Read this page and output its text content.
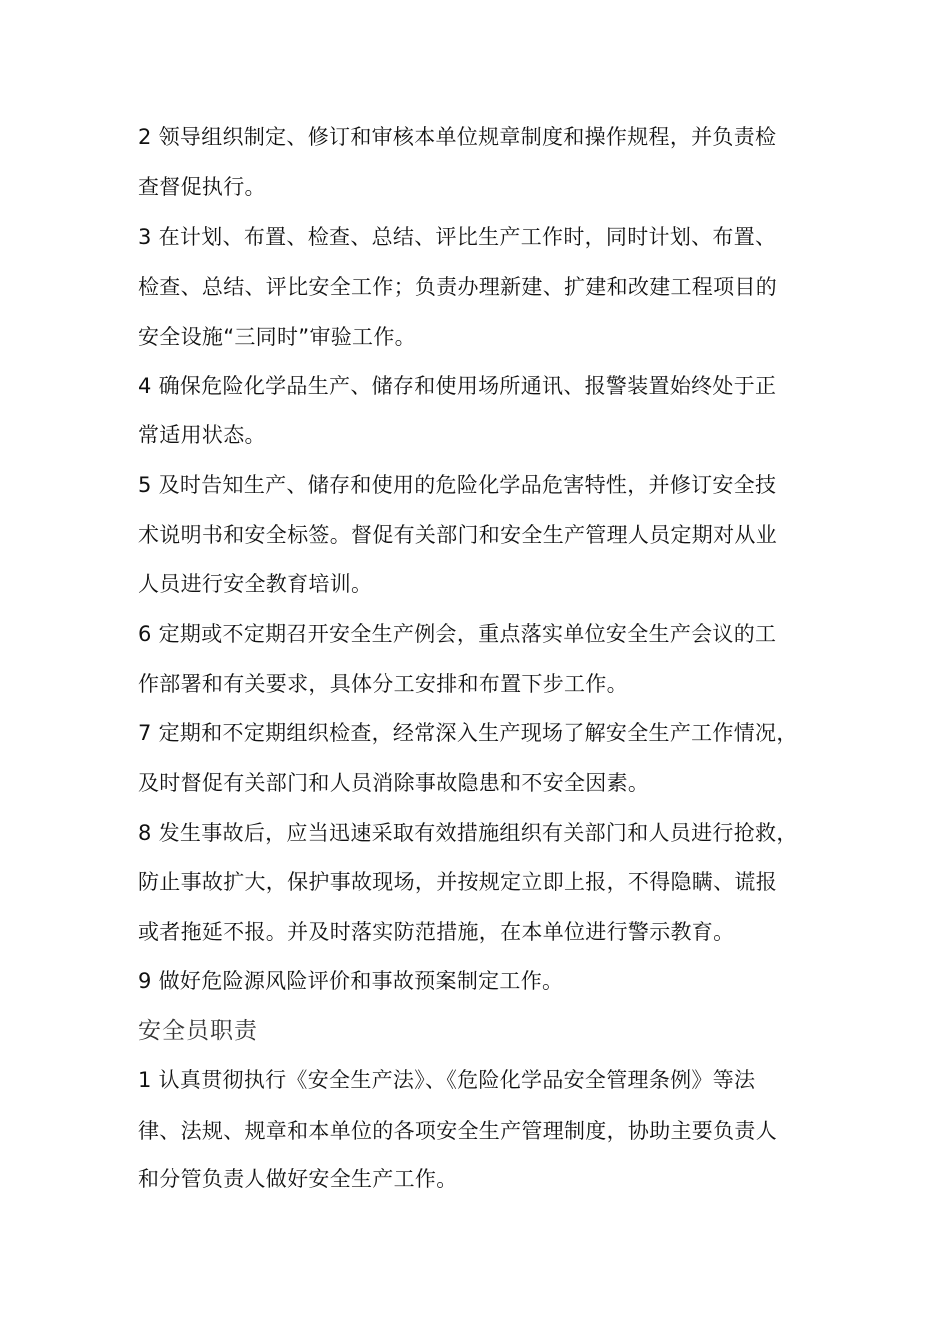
2 领导组织制定、修订和审核本单位规章制度和操作规程，并负责检
查督促执行。
3 在计划、布置、检查、总结、评比生产工作时，同时计划、布置、
检查、总结、评比安全工作；负责办理新建、扩建和改建工程项目的
安全设施“三同时”审验工作。
4 确保危险化学品生产、储存和使用场所通讯、报警装置始终处于正
常适用状态。
5 及时告知生产、储存和使用的危险化学品危害特性，并修订安全技
术说明书和安全标签。督促有关部门和安全生产管理人员定期对从业
人员进行安全教育培训。
6 定期或不定期召开安全生产例会，重点落实单位安全生产会议的工
作部署和有关要求，具体分工安排和布置下步工作。
7 定期和不定期组织检查，经常深入生产现场了解安全生产工作情况，
及时督促有关部门和人员消除事故隐患和不安全因素。
8 发生事故后，应当迅速采取有效措施组织有关部门和人员进行抢救，
防止事故扩大，保护事故现场，并按规定立即上报，不得隐瞒、谎报
或者拖延不报。并及时落实防范措施，在本单位进行警示教育。
9 做好危险源风险评价和事故预案制定工作。
安全员职责
1 认真贯彻执行《安全生产法》、《危险化学品安全管理条例》等法
律、法规、规章和本单位的各项安全生产管理制度，协助主要负责人
和分管负责人做好安全生产工作。
